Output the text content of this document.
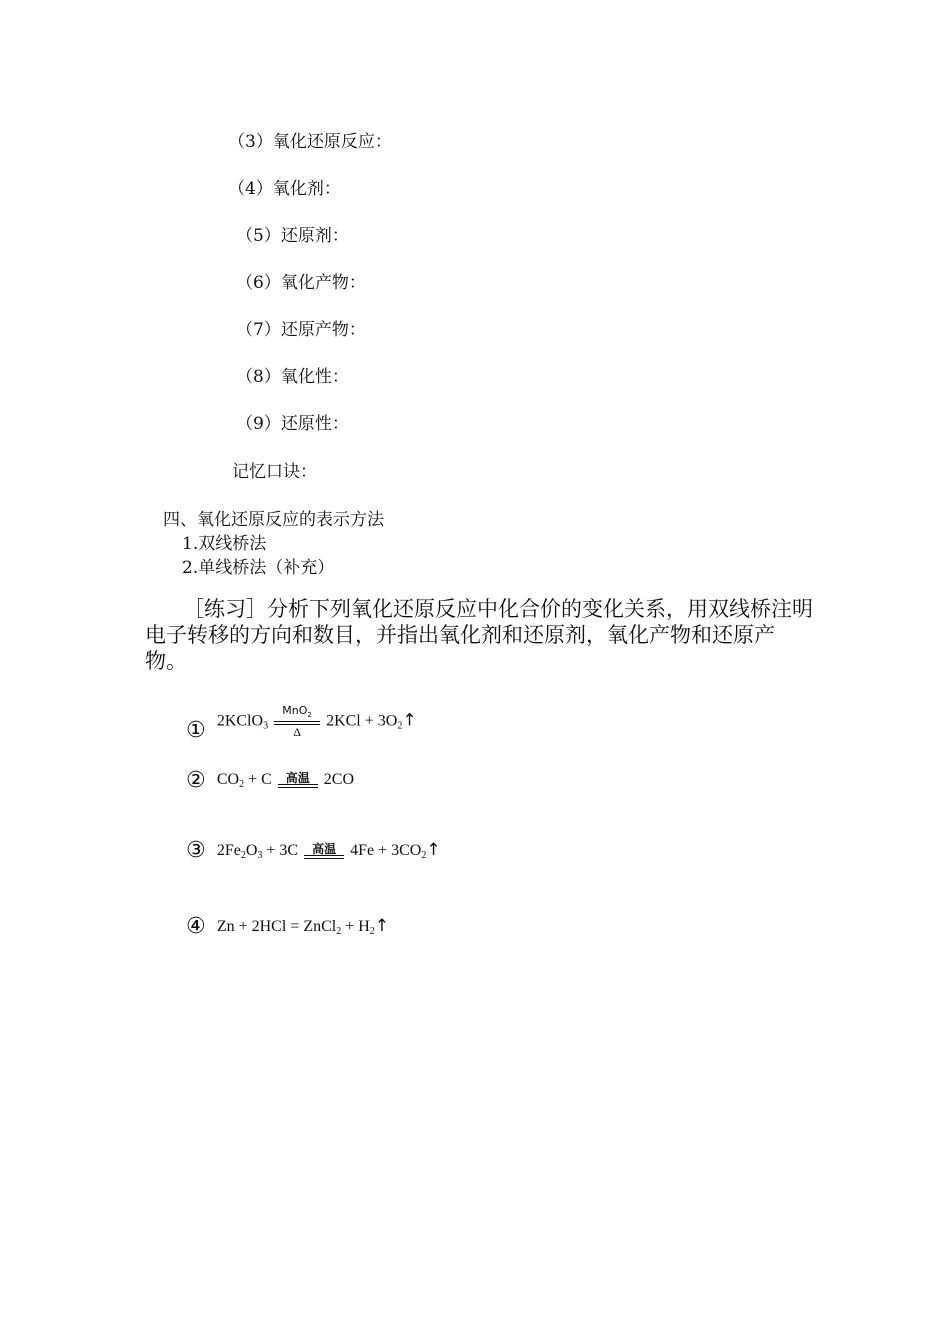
（3）氧化还原反应：
（4）氧化剂：
（5）还原剂：
（6）氧化产物：
（7）还原产物：
（8）氧化性：
（9）还原性：
记忆口诀：
四、氧化还原反应的表示方法
1.双线桥法
2.单线桥法（补充）
［练习］分析下列氧化还原反应中化合价的变化关系，用双线桥注明电子转移的方向和数目，并指出氧化剂和还原剂，氧化产物和还原产物。
① 2KClO$_3$
MnO$_2$
Δ
$2KCl + 3O_2↑$
② $CO_2 + C$	高温 2CO
③ $2Fe_2O_3 + 3C$	高温 $4Fe + 3CO_2↑$
④ Zn + 2HCl = ZnCl$_2$ + $H_2↑$
